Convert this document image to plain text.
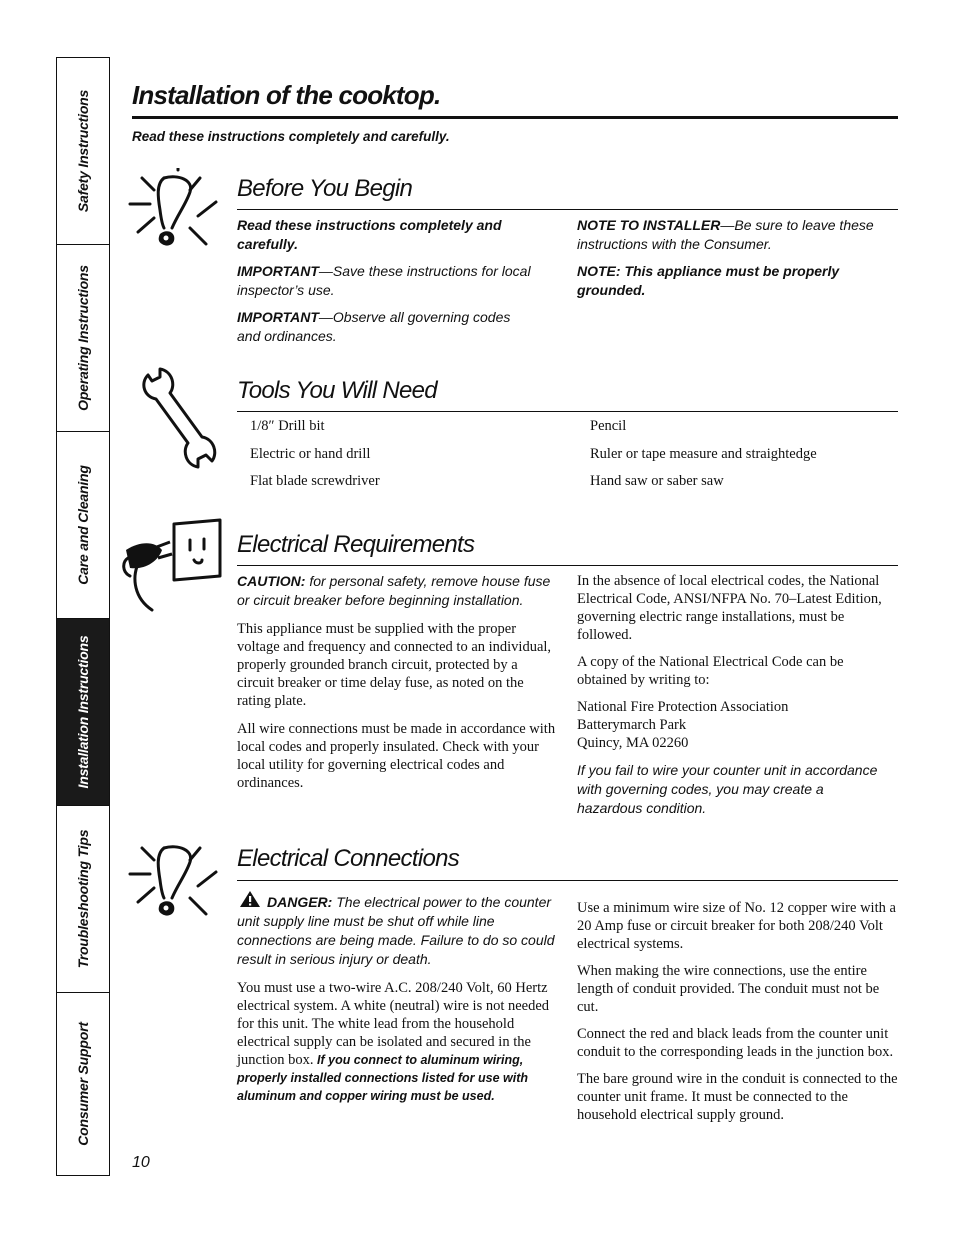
Safety Instructions
Operating Instructions
Care and Cleaning
Installation Instructions
Troubleshooting Tips
Consumer Support
Installation of the cooktop.

Read these instructions completely and carefully.

Before You Begin

Read these instructions completely and carefully.

IMPORTANT—Save these instructions for local inspector’s use.

IMPORTANT—Observe all governing codes and ordinances.

NOTE TO INSTALLER—Be sure to leave these instructions with the Consumer.

NOTE: This appliance must be properly grounded.

Tools You Will Need
1/8″ Drill bit
Electric or hand drill
Flat blade screwdriver
Pencil
Ruler or tape measure and straightedge
Hand saw or saber saw
Electrical Requirements

CAUTION: for personal safety, remove house fuse or circuit breaker before beginning installation.

This appliance must be supplied with the proper voltage and frequency and connected to an individual, properly grounded branch circuit, protected by a circuit breaker or time delay fuse, as noted on the rating plate.

All wire connections must be made in accordance with local codes and properly insulated. Check with your local utility for governing electrical codes and ordinances.

In the absence of local electrical codes, the National Electrical Code, ANSI/NFPA No. 70–Latest Edition, governing electric range installations, must be followed.

A copy of the National Electrical Code can be obtained by writing to:

National Fire Protection Association
Batterymarch Park
Quincy, MA 02260

If you fail to wire your counter unit in accordance with governing codes, you may create a hazardous condition.

Electrical Connections

DANGER: The electrical power to the counter unit supply line must be shut off while line connections are being made. Failure to do so could result in serious injury or death.

You must use a two-wire A.C. 208/240 Volt, 60 Hertz electrical system. A white (neutral) wire is not needed for this unit. The white lead from the household electrical supply can be isolated and secured in the junction box. If you connect to aluminum wiring, properly installed connections listed for use with aluminum and copper wiring must be used.

Use a minimum wire size of No. 12 copper wire with a 20 Amp fuse or circuit breaker for both 208/240 Volt electrical systems.

When making the wire connections, use the entire length of conduit provided. The conduit must not be cut.

Connect the red and black leads from the counter unit conduit to the corresponding leads in the junction box.

The bare ground wire in the conduit is connected to the counter unit frame. It must be connected to the household electrical supply ground.

10
